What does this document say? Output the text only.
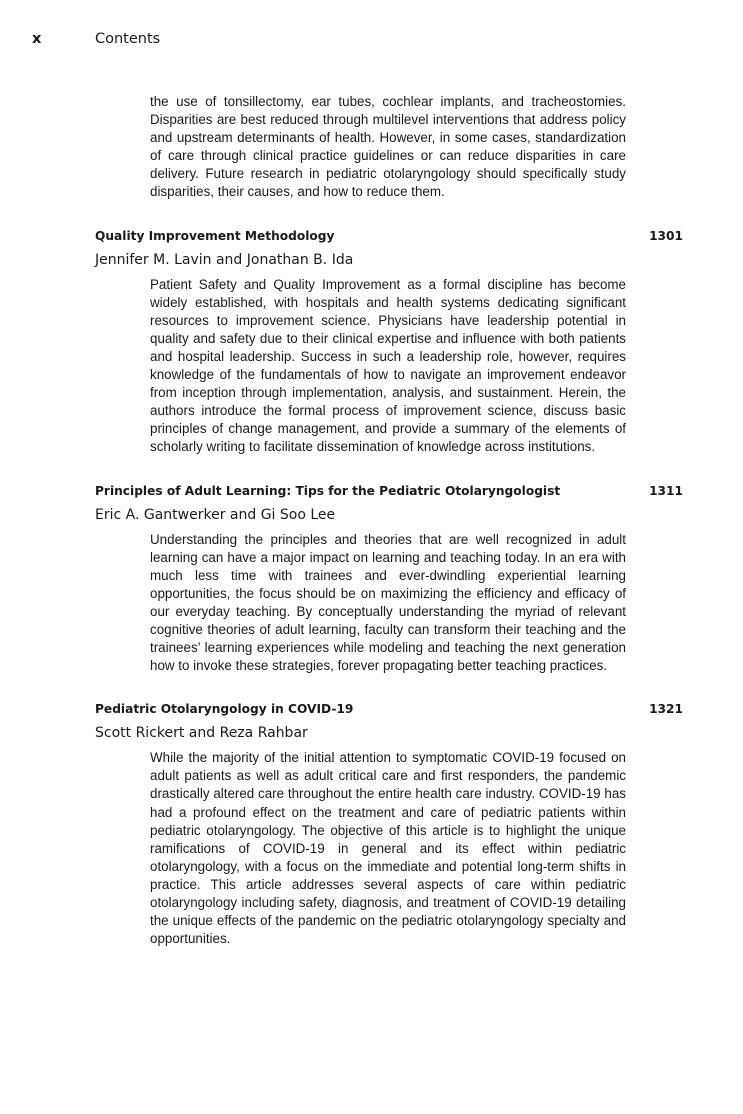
x	Contents

the use of tonsillectomy, ear tubes, cochlear implants, and tracheostomies. Disparities are best reduced through multilevel interventions that address policy and upstream determinants of health. However, in some cases, standardization of care through clinical practice guidelines or can reduce disparities in care delivery. Future research in pediatric otolaryngology should specifically study disparities, their causes, and how to reduce them.

Quality Improvement Methodology	1301
Jennifer M. Lavin and Jonathan B. Ida

Patient Safety and Quality Improvement as a formal discipline has become widely established, with hospitals and health systems dedicating significant resources to improvement science. Physicians have leadership potential in quality and safety due to their clinical expertise and influence with both patients and hospital leadership. Success in such a leadership role, however, requires knowledge of the fundamentals of how to navigate an improvement endeavor from inception through implementation, analysis, and sustainment. Herein, the authors introduce the formal process of improvement science, discuss basic principles of change management, and provide a summary of the elements of scholarly writing to facilitate dissemination of knowledge across institutions.

Principles of Adult Learning: Tips for the Pediatric Otolaryngologist	1311
Eric A. Gantwerker and Gi Soo Lee

Understanding the principles and theories that are well recognized in adult learning can have a major impact on learning and teaching today. In an era with much less time with trainees and ever-dwindling experiential learning opportunities, the focus should be on maximizing the efficiency and efficacy of our everyday teaching. By conceptually understanding the myriad of relevant cognitive theories of adult learning, faculty can transform their teaching and the trainees’ learning experiences while modeling and teaching the next generation how to invoke these strategies, forever propagating better teaching practices.

Pediatric Otolaryngology in COVID-19	1321
Scott Rickert and Reza Rahbar

While the majority of the initial attention to symptomatic COVID-19 focused on adult patients as well as adult critical care and first responders, the pandemic drastically altered care throughout the entire health care industry. COVID-19 has had a profound effect on the treatment and care of pediatric patients within pediatric otolaryngology. The objective of this article is to highlight the unique ramifications of COVID-19 in general and its effect within pediatric otolaryngology, with a focus on the immediate and potential long-term shifts in practice. This article addresses several aspects of care within pediatric otolaryngology including safety, diagnosis, and treatment of COVID-19 detailing the unique effects of the pandemic on the pediatric otolaryngology specialty and opportunities.
